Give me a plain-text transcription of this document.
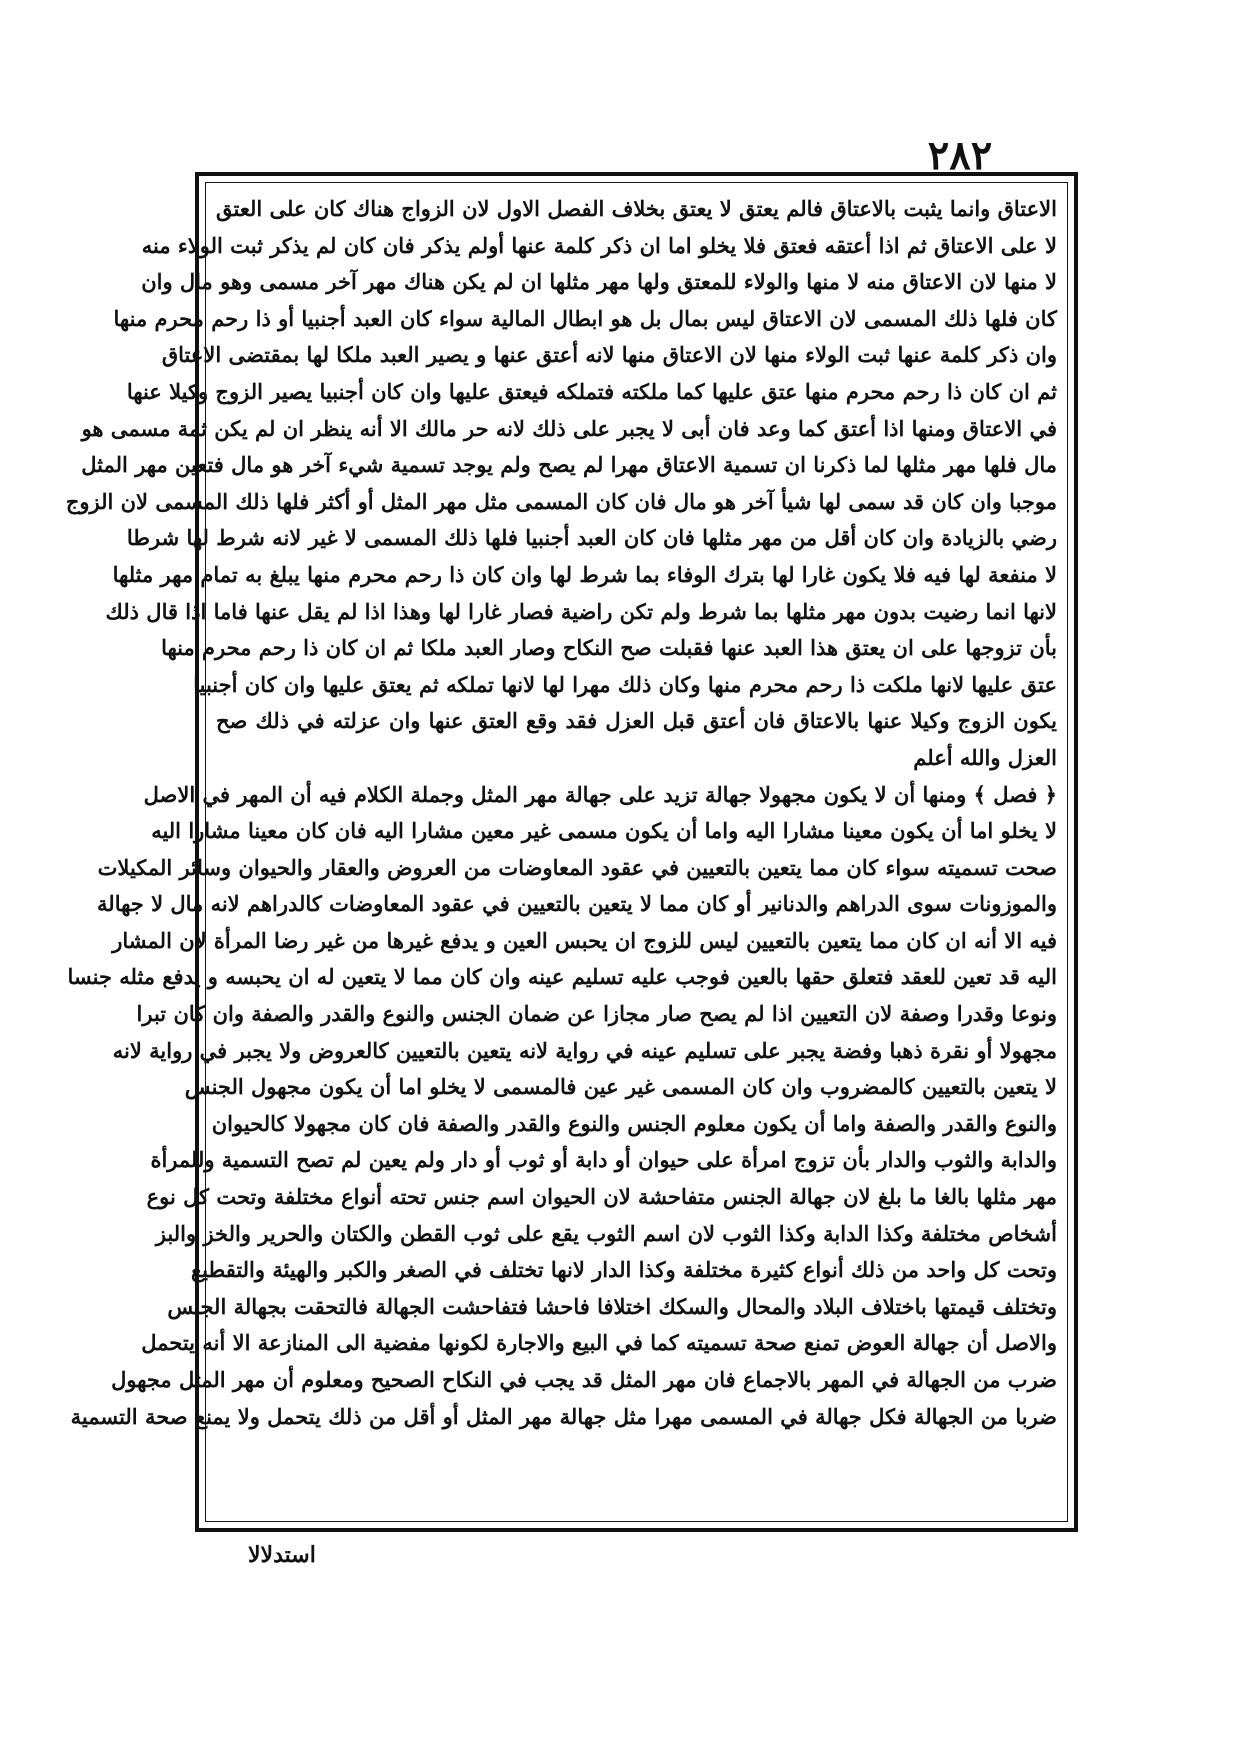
٢٨٢
الاعتاق وانما يثبت بالاعتاق فالم يعتق لا يعتق بخلاف الفصل الاول لان الزواج هناك كان على العتق
لا على الاعتاق ثم اذا أعتقه فعتق فلا يخلو اما ان ذكر كلمة عنها أولم يذكر فان كان لم يذكر ثبت الولاء منه
لا منها لان الاعتاق منه لا منها والولاء للمعتق ولها مهر مثلها ان لم يكن هناك مهر آخر مسمى وهو مال وان
كان فلها ذلك المسمى لان الاعتاق ليس بمال بل هو ابطال المالية سواء كان العبد أجنبيا أو ذا رحم محرم منها
وان ذكر كلمة عنها ثبت الولاء منها لان الاعتاق منها لانه أعتق عنها و يصير العبد ملكا لها بمقتضى الاعتاق
ثم ان كان ذا رحم محرم منها عتق عليها كما ملكته فتملكه فيعتق عليها وان كان أجنبيا يصير الزوج وكيلا عنها
في الاعتاق ومنها اذا أعتق كما وعد فان أبى لا يجبر على ذلك لانه حر مالك الا أنه ينظر ان لم يكن ثمة مسمى هو
مال فلها مهر مثلها لما ذكرنا ان تسمية الاعتاق مهرا لم يصح ولم يوجد تسمية شيء آخر هو مال فتعين مهر المثل
موجبا وان كان قد سمى لها شيأ آخر هو مال فان كان المسمى مثل مهر المثل أو أكثر فلها ذلك المسمى لان الزوج
رضي بالزيادة وان كان أقل من مهر مثلها فان كان العبد أجنبيا فلها ذلك المسمى لا غير لانه شرط لها شرطا
لا منفعة لها فيه فلا يكون غارا لها بترك الوفاء بما شرط لها وان كان ذا رحم محرم منها يبلغ به تمام مهر مثلها
لانها انما رضيت بدون مهر مثلها بما شرط ولم تكن راضية فصار غارا لها وهذا اذا لم يقل عنها فاما اذا قال ذلك
بأن تزوجها على ان يعتق هذا العبد عنها فقبلت صح النكاح وصار العبد ملكا ثم ان كان ذا رحم محرم منها
عتق عليها لانها ملكت ذا رحم محرم منها وكان ذلك مهرا لها لانها تملكه ثم يعتق عليها وان كان أجنبيا
يكون الزوج وكيلا عنها بالاعتاق فان أعتق قبل العزل فقد وقع العتق عنها وان عزلته في ذلك صح
العزل والله أعلم
﴿ فصل ﴾ ومنها أن لا يكون مجهولا جهالة تزيد على جهالة مهر المثل وجملة الكلام فيه أن المهر في الاصل
لا يخلو اما أن يكون معينا مشارا اليه واما أن يكون مسمى غير معين مشارا اليه فان كان معينا مشارا اليه
صحت تسميته سواء كان مما يتعين بالتعيين في عقود المعاوضات من العروض والعقار والحيوان وسائر المكيلات
والموزونات سوى الدراهم والدنانير أو كان مما لا يتعين بالتعيين في عقود المعاوضات كالدراهم لانه مال لا جهالة
فيه الا أنه ان كان مما يتعين بالتعيين ليس للزوج ان يحبس العين و يدفع غيرها من غير رضا المرأة لان المشار
اليه قد تعين للعقد فتعلق حقها بالعين فوجب عليه تسليم عينه وان كان مما لا يتعين له ان يحبسه و يدفع مثله جنسا
ونوعا وقدرا وصفة لان التعيين اذا لم يصح صار مجازا عن ضمان الجنس والنوع والقدر والصفة وان كان تبرا
مجهولا أو نقرة ذهبا وفضة يجبر على تسليم عينه في رواية لانه يتعين بالتعيين كالعروض ولا يجبر في رواية لانه
لا يتعين بالتعيين كالمضروب وان كان المسمى غير عين فالمسمى لا يخلو اما أن يكون مجهول الجنس
والنوع والقدر والصفة واما أن يكون معلوم الجنس والنوع والقدر والصفة فان كان مجهولا كالحيوان
والدابة والثوب والدار بأن تزوج امرأة على حيوان أو دابة أو ثوب أو دار ولم يعين لم تصح التسمية وللمرأة
مهر مثلها بالغا ما بلغ لان جهالة الجنس متفاحشة لان الحيوان اسم جنس تحته أنواع مختلفة وتحت كل نوع
أشخاص مختلفة وكذا الدابة وكذا الثوب لان اسم الثوب يقع على ثوب القطن والكتان والحرير والخز والبز
وتحت كل واحد من ذلك أنواع كثيرة مختلفة وكذا الدار لانها تختلف في الصغر والكبر والهيئة والتقطيع
وتختلف قيمتها باختلاف البلاد والمحال والسكك اختلافا فاحشا فتفاحشت الجهالة فالتحقت بجهالة الجنس
والاصل أن جهالة العوض تمنع صحة تسميته كما في البيع والاجارة لكونها مفضية الى المنازعة الا أنه يتحمل
ضرب من الجهالة في المهر بالاجماع فان مهر المثل قد يجب في النكاح الصحيح ومعلوم أن مهر المثل مجهول
ضربا من الجهالة فكل جهالة في المسمى مهرا مثل جهالة مهر المثل أو أقل من ذلك يتحمل ولا يمنع صحة التسمية
استدلالا
